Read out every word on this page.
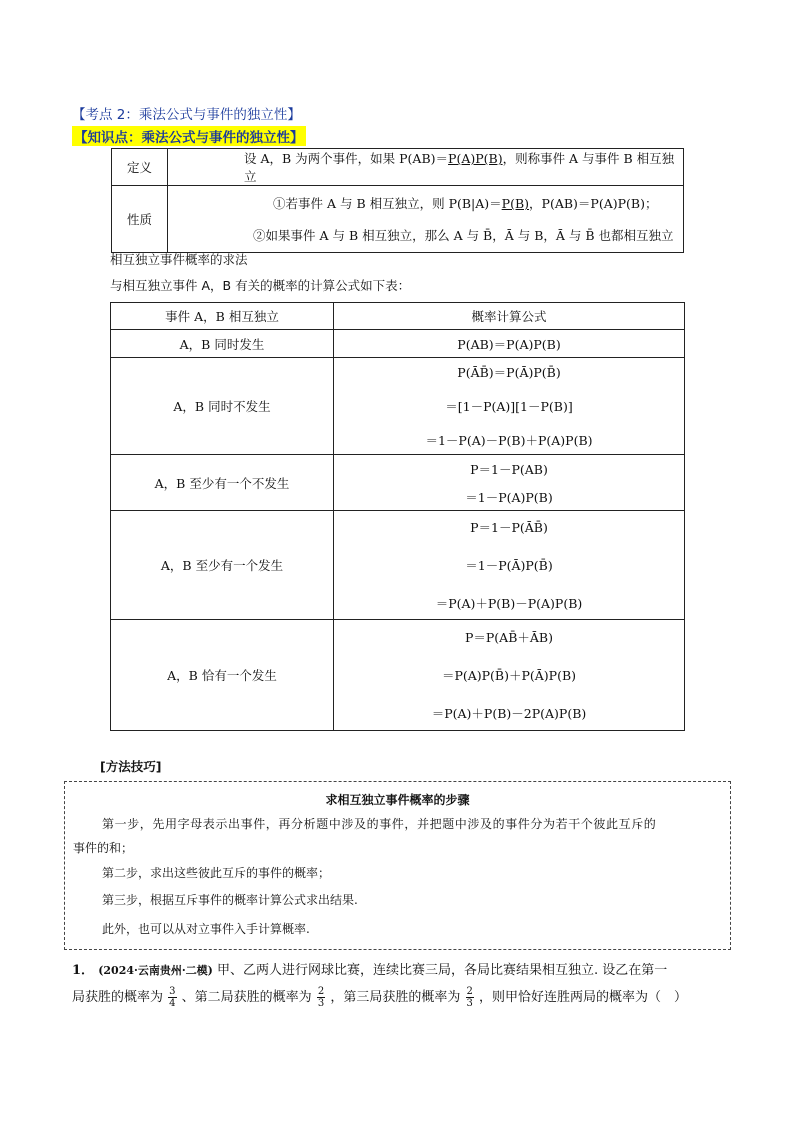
【考点 2：乘法公式与事件的独立性】
【知识点：乘法公式与事件的独立性】
定义	设 A，B 为两个事件，如果 P(AB)＝P(A)P(B)，则称事件 A 与事件 B 相互独立
性质	①若事件 A 与 B 相互独立，则 P(B|A)＝P(B)，P(AB)＝P(A)P(B)；
②如果事件 A 与 B 相互独立，那么 A 与 B̄，Ā 与 B，Ā 与 B̄ 也都相互独立
相互独立事件概率的求法
与相互独立事件 A，B 有关的概率的计算公式如下表：
事件 A，B 相互独立	概率计算公式
A，B 同时发生	P(AB)＝P(A)P(B)
A，B 同时不发生	P(ĀB̄)＝P(Ā)P(B̄)
＝[1－P(A)][1－P(B)]
＝1－P(A)－P(B)＋P(A)P(B)

A，B 至少有一个不发生	P＝1－P(AB)
＝1－P(A)P(B)

A，B 至少有一个发生	P＝1－P(ĀB̄)
＝1－P(Ā)P(B̄)
＝P(A)＋P(B)－P(A)P(B)

A，B 恰有一个发生	P＝P(AB̄＋ĀB)
＝P(A)P(B̄)＋P(Ā)P(B)
＝P(A)＋P(B)－2P(A)P(B)
[方法技巧]
求相互独立事件概率的步骤
第一步，先用字母表示出事件，再分析题中涉及的事件，并把题中涉及的事件分为若干个彼此互斥的
事件的和；
第二步，求出这些彼此互斥的事件的概率；
第三步，根据互斥事件的概率计算公式求出结果.
此外，也可以从对立事件入手计算概率.
1． (2024·云南贵州·二模) 甲、乙两人进行网球比赛，连续比赛三局，各局比赛结果相互独立. 设乙在第一
局获胜的概率为 $\frac{3}{4}$ 、第二局获胜的概率为 $\frac{2}{3}$ ，第三局获胜的概率为 $\frac{2}{3}$ ，则甲恰好连胜两局的概率为（　）
